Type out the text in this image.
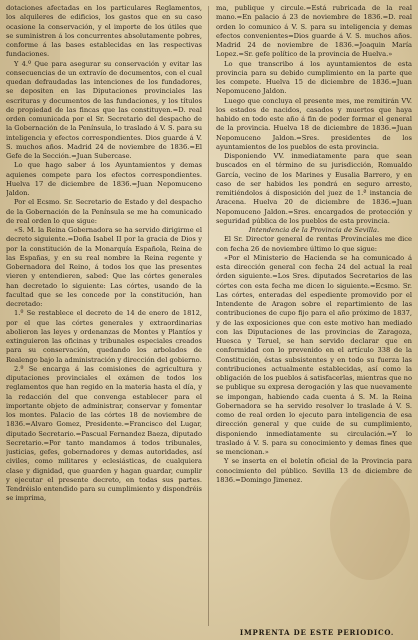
dotaciones afectadas en los particulares Reglamentos, los alquileres de edificios, los gastos que en su caso ocasione la conservación, y el importe de los útiles que se suministren á los concurrentes absolutamente pobres, conforme á las bases establecidas en las respectivas fundaciones.

Y 4.º Que para asegurar su conservación y evitar las consecuencias de un extravío de documentos, con el cual quedan defraudadas las intenciones de los fundadores, se depositen en las Diputaciones provinciales las escrituras y documentos de las fundaciones, y los títulos de propiedad de las fincas que las constituyen.=D. real orden comunicada por el Sr. Secretario del despacho de la Gobernación de la Península, lo traslado á V. S. para su inteligencia y efectos correspondientes. Dios guarde á V. S. muchos años. Madrid 24 de noviembre de 1836.=El Gefe de la Sección.=Juan Subercase.

Lo que hago saber á los Ayuntamientos y demas aquienes compete para los efectos correspondientes. Huelva 17 de diciembre de 1836.=Juan Nepomuceno Jaldon.

Por el Ecsmo. Sr. Secretario de Estado y del despacho de la Gobernación de la Península se me ha comunicado de real orden lo que sigue:

«S. M. la Reina Gobernadora se ha servido dirigirme el decreto siguiente.=Doña Isabel II por la gracia de Dios y por la constitución de la Monarquía Española, Reina de las Españas, y en su real nombre la Reina regente y Gobernadora del Reino, á todos los que las presentes vieren y entendieren, sabed: Que las córtes generales han decretado lo siguiente: Las córtes, usando de la facultad que se les concede por la constitución, han decretado:

1.º Se restablece el decreto de 14 de enero de 1812, por el que las córtes generales y extraordinarias abolieron las leyes y ordenanzas de Montes y Plantíos y extinguieron las oficinas y tribunales especiales creados para su conservación, quedando los arbolados de Realengo bajo la administración y dirección del gobierno.

2.º Se encarga á las comisiones de agricultura y diputaciones provinciales el exámen de todos los reglamentos que han regido en la materia hasta el día, y la redacción del que convenga establecer para el importante objeto de administrar, conservar y fomentar los montes. Palacio de las córtes 18 de noviembre de 1836.=Alvaro Gomez, Presidente.=Francisco del Lugar, diputado Secretario.=Pascual Fernandez Baeza, diputado Secretario.=Por tanto mandamos á todos tribunales, justicias, gefes, gobernadores y demas autoridades, así civiles, como militares y eclesiásticas, de cualquiera clase y dignidad, que guarden y hagan guardar, cumplir y ejecutar el presente decreto, en todas sus partes. Tendréislo entendido para su cumplimiento y dispondréis se imprima,

ma, publique y circule.=Está rubricada de la real mano.=En palacio á 23 de noviembre de 1836.=D. real orden lo comunico á V. S. para su inteligencia y demas efectos convenientes=Dios guarde á V. S. muchos años. Madrid 24 de noviembre de 1836.=Joaquin María Lopez.=Sr. gefe político de la provincia de Huelva.»

Lo que transcribo á los ayuntamientos de esta provincia para su debido cumplimiento en la parte que les compete. Huelva 15 de diciembre de 1836.=Juan Nepomuceno Jaldon.

Luego que concluya el presente mes, me remitirán VV. los estados de nacidos, casados y muertos que haya habido en todo este año á fin de poder formar el general de la provincia. Huelva 18 de diciembre de 1836.=Juan Nepomuceno Jaldon.=Sres. presidentes de los ayuntamientos de los pueblos de esta provincia.

Disponiendo VV. inmediatamente para que sean buscados en el término de su jurisdicción, Romualdo García, vecino de los Marines y Eusalia Barrero, y en caso de ser habidos les pondrá en seguro arresto, remitiéndolos á disposición del juez de 1.ª instancia de Aracena. Huelva 20 de diciembre de 1836.=Juan Nepomuceno Jaldon.=Sres. encargados de protección y seguridad pública de los pueblos de esta provincia.

Intendencia de la Provincia de Sevilla.

El Sr. Director general de rentas Provinciales me dice con fecha 26 de noviembre último lo que sigue:

«Por el Ministerio de Hacienda se ha comunicado á esta dirección general con fecha 24 del actual la real órden siguiente.=Los Sres. diputados Secretarios de las córtes con esta fecha me dicen lo siguiente.=Ecsmo. Sr. Las córtes, enteradas del espediente promovido por el Intendente de Aragon sobre el repartimiento de las contribuciones de cupo fijo para el año próximo de 1837, y de las exposiciones que con este motivo han mediado con las Diputaciones de las provincias de Zaragoza, Huesca y Teruel, se han servido declarar que en conformidad con lo prevenido en el artículo 338 de la Constitución, éstas subsistentes y en todo su fuerza las contribuciones actualmente establecidas, así como la obligación de los pueblos á satisfacerlas, mientras que no se publique su expresa derogación y las que nuevamente se impongan, habiendo cada cuenta á S. M. la Reina Gobernadora se ha servido resolver lo traslade á V. S. como de real orden lo ejecuto para inteligencia de esa dirección general y que cuide de su cumplimiento, disponiendo inmediatamente su circulación.=Y lo traslado á V. S. para su conocimiento y demas fines que se mencionan.»

Y se inserta en el boletín oficial de la Provincia para conocimiento del público. Sevilla 13 de diciembre de 1836.=Domingo Jimenez.

IMPRENTA DE ESTE PERIODICO.
